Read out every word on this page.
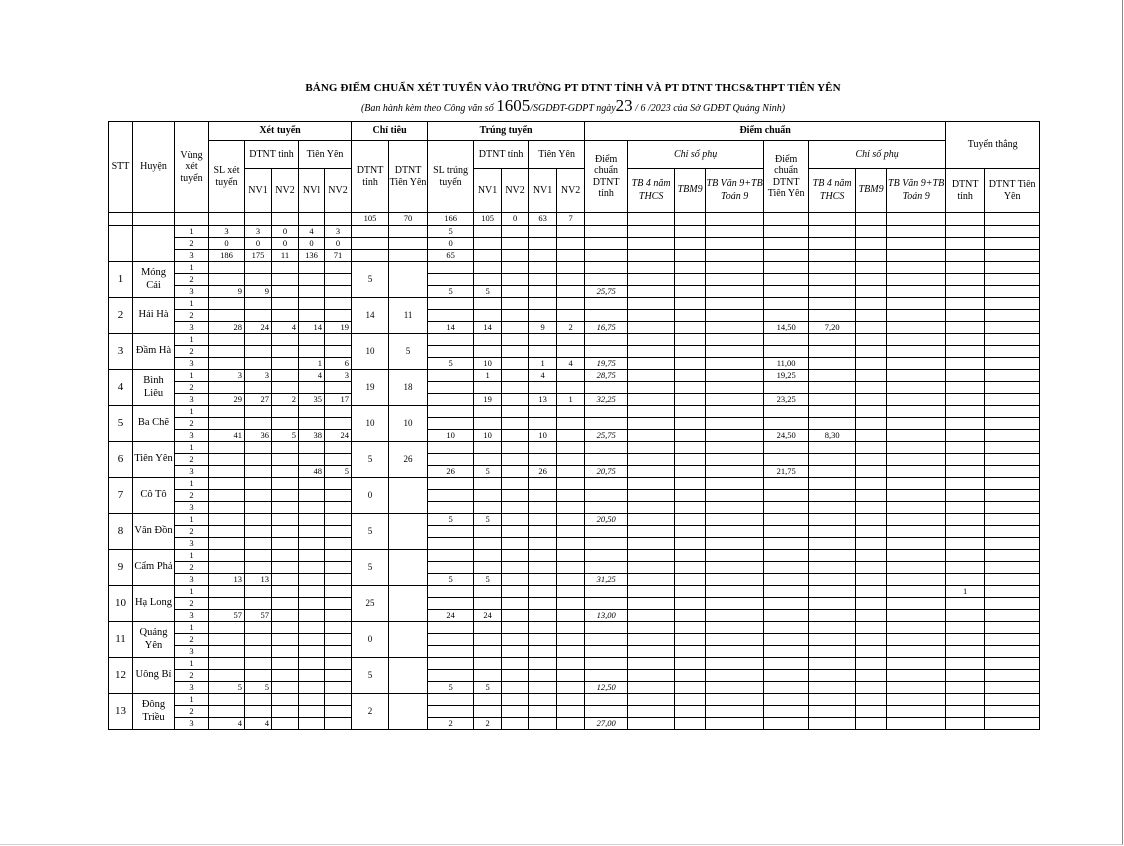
BẢNG ĐIỂM CHUẨN XÉT TUYỂN VÀO TRƯỜNG PT DTNT TỈNH VÀ PT DTNT THCS&THPT TIÊN YÊN
(Ban hành kèm theo Công văn số 1605/SGDĐT-GDPT ngày23 / 6 /2023 của Sở GDĐT Quảng Ninh)
STT	Huyện	Vùng xét tuyển	Xét tuyển					Chỉ tiêu		Trúng tuyển					Điểm chuẩn								Tuyển thẳng	
			SL xét tuyển	DTNT tỉnh		Tiên Yên		DTNT tỉnh	DTNT Tiên Yên	SL trúng tuyển	DTNT tỉnh		Tiên Yên		Điểm chuẩn DTNT tỉnh	Chỉ số phụ			Điểm chuẩn DTNT Tiên Yên	Chỉ số phụ				
				NV1	NV2	NVl	NV2				NV1	NV2	NV1	NV2		TB 4 năm THCS	TBM9	TB Văn 9+TB Toán 9		TB 4 năm THCS	TBM9	TB Văn 9+TB Toán 9	DTNT tỉnh	DTNT Tiên Yên
								105	70	166	105	0	63	7										
		1	3	3	0	4	3			5														
		2	0	0	0	0	0			0														
		3	186	175	11	136	71			65														
1	Móng Cái	1						5																
		2																						
		3	9	9						5	5				25,75									
2	Hải Hà	1						14	11															
		2																						
		3	28	24	4	14	19			14	14		9	2	16,75				14,50	7,20				
3	Đầm Hà	1						10	5															
		2																						
		3				1	6			5	10		1	4	19,75				11,00					
4	Bình Liêu	1	3	3		4	3	19	18		1		4		28,75				19,25					
		2																						
		3	29	27	2	35	17				19		13	1	32,25				23,25					
5	Ba Chẽ	1						10	10															
		2																						
		3	41	36	5	38	24			10	10		10		25,75				24,50	8,30				
6	Tiên Yên	1						5	26															
		2																						
		3				48	5			26	5		26		20,75				21,75					
7	Cô Tô	1						0																
		2																						
		3																						
8	Vân Đồn	1						5		5	5				20,50									
		2																						
		3																						
9	Cẩm Phả	1						5																
		2																						
		3	13	13						5	5				31,25									
10	Hạ Long	1						25															1	
		2																						
		3	57	57						24	24				13,00									
11	Quảng Yên	1						0																
		2																						
		3																						
12	Uông Bí	1						5																
		2																						
		3	5	5						5	5				12,50									
13	Đông Triều	1						2																
		2																						
		3	4	4						2	2				27,00									
